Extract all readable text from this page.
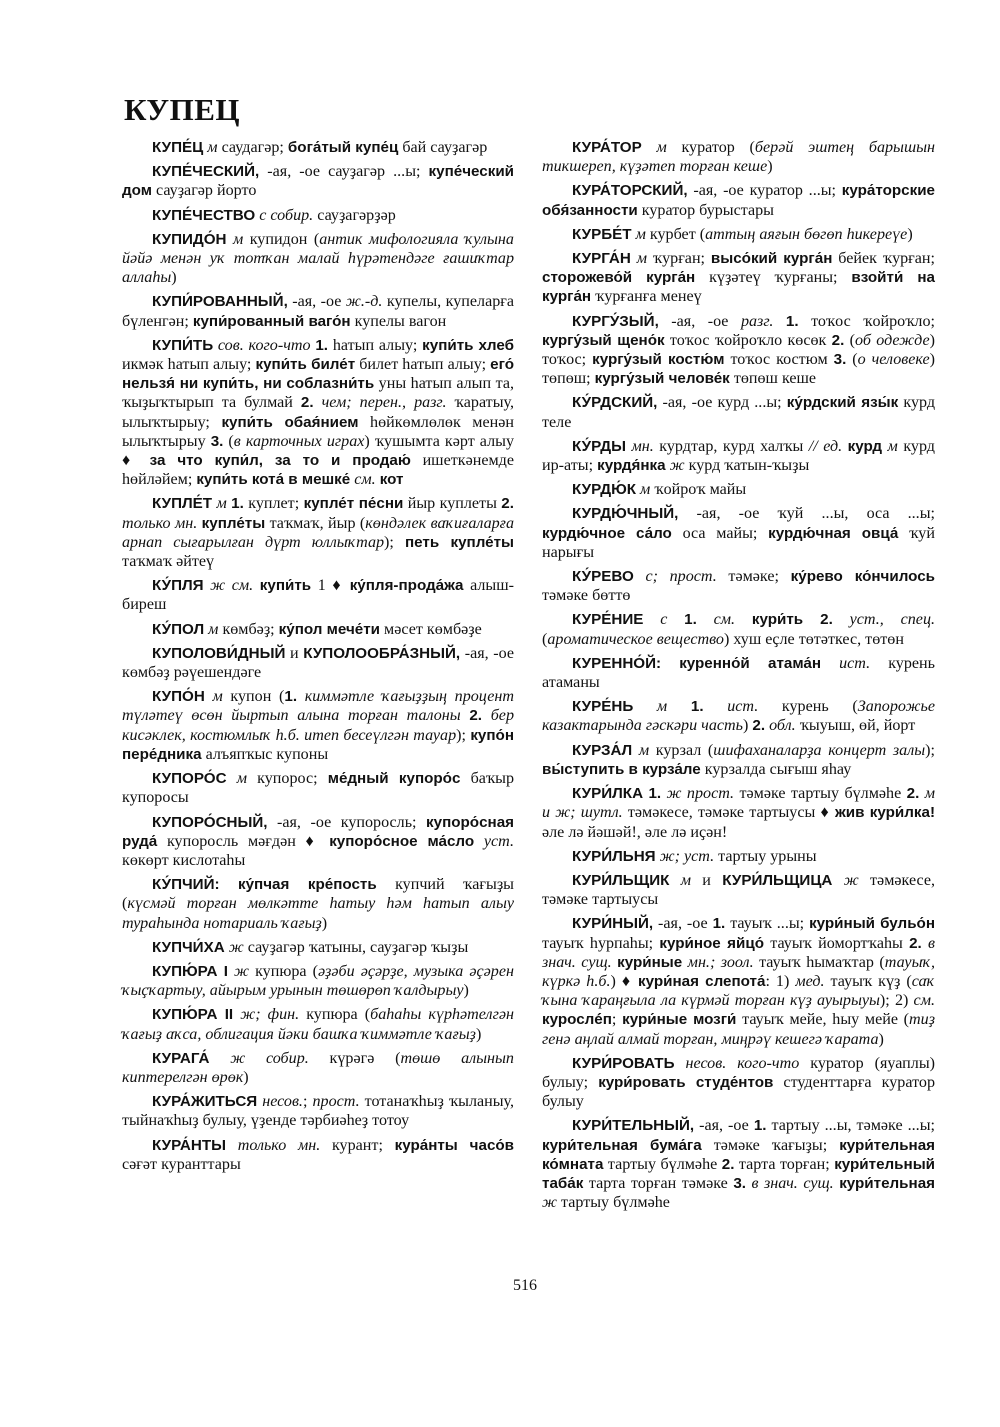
КУПЕЦ

КУПЕ́Ц м саудагәр; бога́тый купе́ц бай сауҙагәр

КУПЕ́ЧЕСКИЙ, -ая, -ое сауҙагәр ...ы; купе́ческий дом сауҙагәр йорто

КУПЕ́ЧЕСТВО с собир. сауҙагәрҙәр

КУПИДО́Н м купидон (антик мифологияла ҡулына йәйә менән уҡ тотҡан малай һүрәтендәге ғашиҡтар аллаһы)

КУПИ́РОВАННЫЙ, -ая, -ое ж.-д. купелы, купеларға бүленгән; купи́рованный ваго́н купелы вагон

КУПИ́ТЬ сов. кого-что 1. һатып алыу; купи́ть хлеб икмәк һатып алыу; купи́ть биле́т билет һатып алыу; его́ нельзя́ ни купи́ть, ни соблазни́ть уны һатып алып та, ҡыҙыҡтырып та булмай 2. чем; перен., разг. ҡаратыу, ылыҡтырыу; купи́ть обая́нием һөйкөмлөлөк менән ылыҡтырыу 3. (в карточных играх) ҡушымта кәрт алыу ♦ за что купи́л, за то и продаю́ ишеткәнемде һөйләйем; купи́ть кота́ в мешке́ см. кот

КУПЛЕ́Т м 1. куплет; купле́т пе́сни йыр куплеты 2. только мн. купле́ты таҡмаҡ, йыр (көндәлек ваҡиғаларға арнап сығарылған дүрт юллыҡтар); петь купле́ты таҡмаҡ әйтеү

КУ́ПЛЯ ж см. купи́ть 1 ♦ ку́пля-прода́жа алыш-биреш

КУ́ПОЛ м көмбәҙ; ку́пол мече́ти мәсет көмбәҙе

КУПОЛОВИ́ДНЫЙ и КУПОЛООБРА́ЗНЫЙ, -ая, -ое көмбәҙ рәүешендәге

КУПО́Н м купон (1. киммәтле ҡағыҙҙың процент түләтеү өсөн йыртып алына торған талоны 2. бер кисәклек, костюмлыҡ һ.б. итеп бесеүлгән тауар); купо́н пере́дника алъяпҡыс купоны

КУПОРО́С м купорос; ме́дный купоро́с баҡыр купоросы

КУПОРО́СНЫЙ, -ая, -ое купоросль; купоро́сная руда́ купоросль мәғдән ♦ купоро́сное ма́сло уст. көкөрт кислотаһы

КУ́ПЧИЙ: ку́пчая кре́пость купчий ҡағыҙы (күсмәй торған мөлкәтте һатыу һәм һатып алыу тураһында нотариаль ҡағыҙ)

КУПЧИ́ХА ж сауҙагәр ҡатыны, сауҙагәр ҡыҙы

КУПЮ́РА I ж купюра (әҙәби әҫәрҙе, музыка әҫәрен ҡыҫҡартыу, айырым урынын төшөрөп ҡалдырыу)

КУПЮ́РА II ж; фин. купюра (баһаһы күрһәтелгән ҡағыҙ аҡса, облигация йәки башҡа ҡиммәтле ҡағыҙ)

КУРАГА́ ж собир. күрәгә (төшө алынып киптерелгән өрөк)

КУРА́ЖИТЬСЯ несов.; прост. тотанаҡһыҙ ҡыланыу, тыйнаҡһыҙ булыу, үҙенде тәрбиәһеҙ тотоу

КУРА́НТЫ только мн. курант; кура́нты часо́в сәғәт куранттары

КУРА́ТОР м куратор (берәй эштең барышын тикшереп, күҙәтеп торған кеше)

КУРА́ТОРСКИЙ, -ая, -ое куратор ...ы; кура́торские обя́занности куратор бурыстары

КУРБЕ́Т м курбет (аттың аяғын бөгөп һикереүе)

КУРГА́Н м ҡурған; высо́кий курга́н бейек ҡурған; сторожево́й курга́н күҙәтеү ҡурғаны; взойти́ на курга́н ҡурғанға менеү

КУРГУ́ЗЫЙ, -ая, -ое разг. 1. тоҡос ҡойроҡло; кургу́зый щено́к тоҡос ҡойроҡло көсөк 2. (об одежде) тоҡос; кургу́зый костю́м тоҡос костюм 3. (о человеке) төпөш; кургу́зый челове́к төпөш кеше

КУ́РДСКИЙ, -ая, -ое курд ...ы; ку́рдский язы́к курд теле

КУ́РДЫ мн. курдтар, курд халҡы // ед. курд м курд ир-аты; курдя́нка ж курд ҡатын-ҡыҙы

КУРДЮ́К м ҡойроҡ майы

КУРДЮ́ЧНЫЙ, -ая, -ое ҡуй ...ы, оса ...ы; курдю́чное са́ло оса майы; курдю́чная овца́ ҡуй нарығы

КУ́РЕВО с; прост. тәмәке; ку́рево ко́нчилось тәмәке бөттө

КУРЕ́НИЕ с 1. см. кури́ть 2. уст., спец. (ароматическое вещество) хуш еҫле төтәткес, төтөн

КУРЕННО́Й: куренно́й атама́н ист. курень атаманы

КУРЕ́НЬ м 1. ист. курень (Запорожье казактарында гәскәри часть) 2. обл. ҡыуыш, өй, йорт

КУРЗА́Л м курзал (шифаханаларҙа концерт залы); вы́ступить в курза́ле курзалда сығыш яһау

КУРИ́ЛКА 1. ж прост. тәмәке тартыу бүлмәһе 2. м и ж; шутл. тәмәкесе, тәмәке тартыусы ♦ жив кури́лка! әле лә йәшәй!, әле лә иҫән!

КУРИ́ЛЬНЯ ж; уст. тартыу урыны

КУРИ́ЛЬЩИК м и КУРИ́ЛЬЩИЦА ж тәмәкесе, тәмәке тартыусы

КУРИ́НЫЙ, -ая, -ое 1. тауыҡ ...ы; кури́ный бульо́н тауыҡ һурпаһы; кури́ное яйцо́ тауыҡ йомортҡаһы 2. в знач. сущ. кури́ные мн.; зоол. тауыҡ һымаҡтар (тауыҡ, күркә һ.б.) ♦ кури́ная слепота́: 1) мед. тауыҡ күҙ (саҡ ҡына ҡараңғыла ла күрмәй торған күҙ ауырыуы); 2) см. курослéп; кури́ные мозги́ тауыҡ мейе, һыу мейе (тиҙ генә аңлай алмай торған, миңрәү кешегә ҡарата)

КУРИ́РОВАТЬ несов. кого-что куратор (яуаплы) булыу; кури́ровать студе́нтов студенттарға куратор булыу

КУРИ́ТЕЛЬНЫЙ, -ая, -ое 1. тартыу ...ы, тәмәке ...ы; кури́тельная бума́га тәмәке ҡағыҙы; кури́тельная ко́мната тартыу бүлмәһе 2. тарта торған; кури́тельный таба́к тарта торған тәмәке 3. в знач. сущ. кури́тельная ж тартыу бүлмәһе

516
